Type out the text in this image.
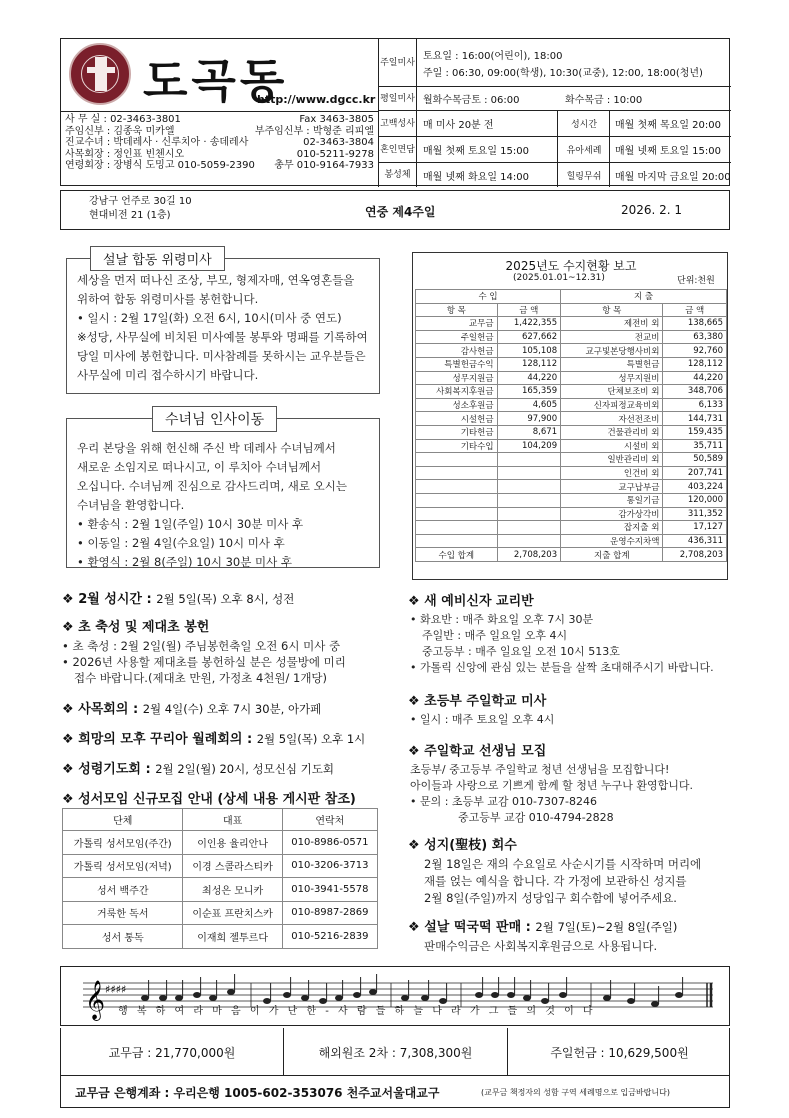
도곡동
http://www.dgcc.kr
사 무 실 : 02-3463-3801	Fax 3463-3805
주임신부 : 김종욱 미카엘	부주임신부 : 박형준 리피엘
진교수녀 : 박데레사 · 신루치아 · 송데레사	02-3463-3804
사목회장 : 정인표 빈첸시오	010-5211-9278
연령회장 : 장병식 도밍고 010-5059-2390 총무 010-9164-7933
주일미사
토요일 : 16:00(어린이), 18:00
주일 : 06:30, 09:00(학생), 10:30(교중), 12:00, 18:00(청년)
평일미사 월화수목금토 : 06:00	화수목금 : 10:00
고백성사 매 미사 20분 전	성시간	매월 첫째 목요일 20:00
혼인면담 매월 첫째 토요일 15:00	유아세례	매월 넷째 토요일 15:00
봉성체	매월 넷째 화요일 14:00	힐링무쉬	매월 마지막 금요일 20:00
강남구 언주로 30길 10
현대비전 21 (1층)	연중 제4주일	2026. 2. 1
세상을 먼저 떠나신 조상, 부모, 형제자매, 연옥영혼들을
위하여 합동 위령미사를 봉헌합니다.
• 일시 : 2월 17일(화) 오전 6시, 10시(미사 중 연도)
※성당, 사무실에 비치된 미사예물 봉투와 명패를 기록하여
당일 미사에 봉헌합니다. 미사참례를 못하시는 교우분들은
사무실에 미리 접수하시기 바랍니다.
설날 합동 위령미사
우리 본당을 위해 헌신해 주신 박 데레사 수녀님께서
새로운 소임지로 떠나시고, 이 루치아 수녀님께서
오십니다. 수녀님께 진심으로 감사드리며, 새로 오시는
수녀님을 환영합니다.
• 환송식 : 2월 1일(주일) 10시 30분 미사 후
• 이동일 : 2월 4일(수요일) 10시 미사 후
• 환영식 : 2월 8(주일) 10시 30분 미사 후
수녀님 인사이동
2025년도 수지현황 보고
(2025.01.01~12.31)	단위:천원
수 입		지 출	
항 목	금 액	항 목	금 액
교무금	1,422,355	제전비 외	138,665
주일헌금	627,662	전교비	63,380
감사헌금	105,108	교구빛본당행사비외	92,760
특별헌금수익	128,112	특별헌금	128,112
성무지원금	44,220	성무지원비	44,220
사회복지후원금	165,359	단체보조비 외	348,706
성소후원금	4,605	신자피정교육비외	6,133
시설헌금	97,900	자선전조비	144,731
기타헌금	8,671	건물관리비 외	159,435
기타수입	104,209	시설비 외	35,711
		일반관리비 외	50,589
		인건비 외	207,741
		교구납부금	403,224
		통일기금	120,000
		감가상각비	311,352
		잡지출 외	17,127
		운영수지차액	436,311
수입 합계	2,708,203	지출 합계	2,708,203
❖ 2월 성시간 : 2월 5일(목) 오후 8시, 성전
❖ 초 축성 및 제대초 봉헌
• 초 축성 : 2월 2일(월) 주님봉헌축일 오전 6시 미사 중
• 2026년 사용할 제대초를 봉헌하실 분은 성물방에 미리
접수 바랍니다.(제대초 만원, 가정초 4천원/ 1개당)
❖ 사목회의 : 2월 4일(수) 오후 7시 30분, 아가페
❖ 희망의 모후 꾸리아 월례회의 : 2월 5일(목) 오후 1시
❖ 성령기도회 : 2월 2일(월) 20시, 성모신심 기도회
❖ 성서모임 신규모집 안내 (상세 내용 게시판 참조)
단체	대표	연락처
가톨릭 성서모임(주간)	이인용 율리안나	010-8986-0571
가톨릭 성서모임(저녁)	이경 스콜라스티카	010-3206-3713
성서 백주간	최성은 모니카	010-3941-5578
거룩한 독서	이순표 프란치스카	010-8987-2869
성서 통독	이재희 젤투르다	010-5216-2839
❖ 새 예비신자 교리반
• 화요반 : 매주 화요일 오후 7시 30분
주일반 : 매주 일요일 오후 4시
중고등부 : 매주 일요일 오전 10시 513호
• 가톨릭 신앙에 관심 있는 분들을 살짝 초대해주시기 바랍니다.
❖ 초등부 주일학교 미사
• 일시 : 매주 토요일 오후 4시
❖ 주일학교 선생님 모집
초등부/ 중고등부 주일학교 청년 선생님을 모집합니다!
아이들과 사랑으로 기쁘게 함께 할 청년 누구나 환영합니다.
• 문의 : 초등부 교감 010-7307-8246
중고등부 교감 010-4794-2828
❖ 성지(聖枝) 회수
2월 18일은 재의 수요일로 사순시기를 시작하며 머리에
재를 얹는 예식을 합니다. 각 가정에 보관하신 성지를
2월 8일(주일)까지 성당입구 회수함에 넣어주세요.
❖ 설날 떡국떡 판매 : 2월 7일(토)~2월 8일(주일)
판매수익금은 사회복지후원금으로 사용됩니다.
𝄞 ♯♯♯♯
행 복 하 여 라 마 음 이 가 난 한 - 사 람 들 하 늘 나 라 가 그 들 의 것 이 다
교무금 : 21,770,000원	해외원조 2차 : 7,308,300원	주일헌금 : 10,629,500원
교무금 은행계좌 : 우리은행 1005-602-353076 천주교서울대교구	(교무금 책정자의 성함 구역 세례명으로 입금바랍니다)
